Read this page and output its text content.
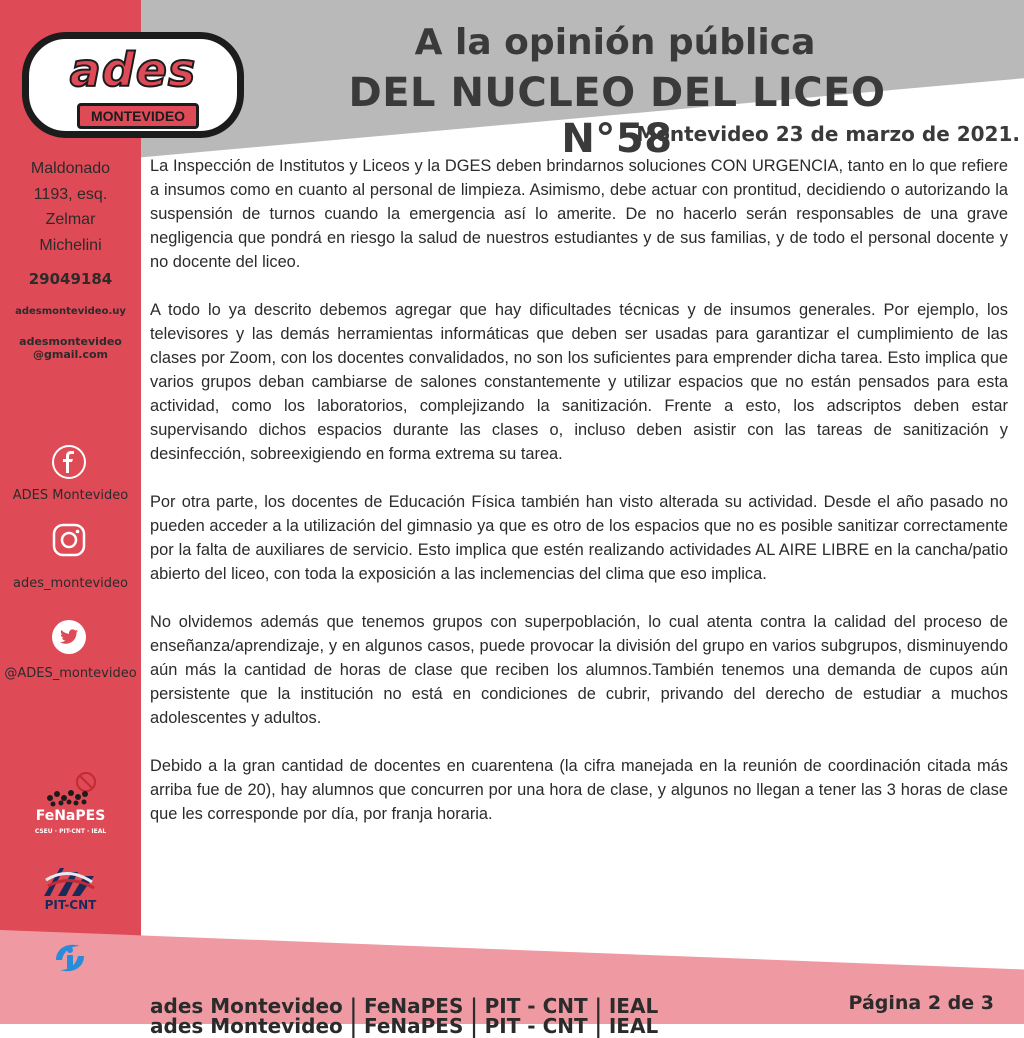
ades
MONTEVIDEO
A la opinión pública
DEL NUCLEO DEL LICEO N°58
Montevideo 23 de marzo de 2021.
Maldonado
1193, esq.
Zelmar
Michelini
29049184
adesmontevideo.uy
adesmontevideo
@gmail.com
ADES Montevideo
ades_montevideo
@ADES_montevideo
FeNaPES
CSEU · PIT-CNT · IEAL
PIT-CNT

La Inspección de Institutos y Liceos y la DGES deben brindarnos soluciones CON URGENCIA, tanto en lo que refiere a insumos como en cuanto al personal de limpieza. Asimismo, debe actuar con prontitud, decidiendo o autorizando la suspensión de turnos cuando la emergencia así lo amerite. De no hacerlo serán responsables de una grave negligencia que pondrá en riesgo la salud de nuestros estudiantes y de sus familias, y de todo el personal docente y no docente del liceo.

A todo lo ya descrito debemos agregar que hay dificultades técnicas y de insumos generales. Por ejemplo, los televisores y las demás herramientas informáticas que deben ser usadas para garantizar el cumplimiento de las clases por Zoom, con los docentes convalidados, no son los suficientes para emprender dicha tarea. Esto implica que varios grupos deban cambiarse de salones constantemente y utilizar espacios que no están pensados para esta actividad, como los laboratorios, complejizando la sanitización. Frente a esto, los adscriptos deben estar supervisando dichos espacios durante las clases o, incluso deben asistir con las tareas de sanitización y desinfección, sobreexigiendo en forma extrema su tarea.

Por otra parte, los docentes de Educación Física también han visto alterada su actividad. Desde el año pasado no pueden acceder a la utilización del gimnasio ya que es otro de los espacios que no es posible sanitizar correctamente por la falta de auxiliares de servicio. Esto implica que estén realizando actividades AL AIRE LIBRE en la cancha/patio abierto del liceo, con toda la exposición a las inclemencias del clima que eso implica.

No olvidemos además que tenemos grupos con superpoblación, lo cual atenta contra la calidad del proceso de enseñanza/aprendizaje, y en algunos casos, puede provocar la división del grupo en varios subgrupos, disminuyendo aún más la cantidad de horas de clase que reciben los alumnos.También tenemos una demanda de cupos aún persistente que la institución no está en condiciones de cubrir, privando del derecho de estudiar a muchos adolescentes y adultos.

Debido a la gran cantidad de docentes en cuarentena (la cifra manejada en la reunión de coordinación citada más arriba fue de 20), hay alumnos que concurren por una hora de clase, y algunos no llegan a tener las 3 horas de clase que les corresponde por día, por franja horaria.

ades Montevideo | FeNaPES | PIT - CNT | IEAL
ades Montevideo | FeNaPES | PIT - CNT | IEAL
Página 2 de 3
